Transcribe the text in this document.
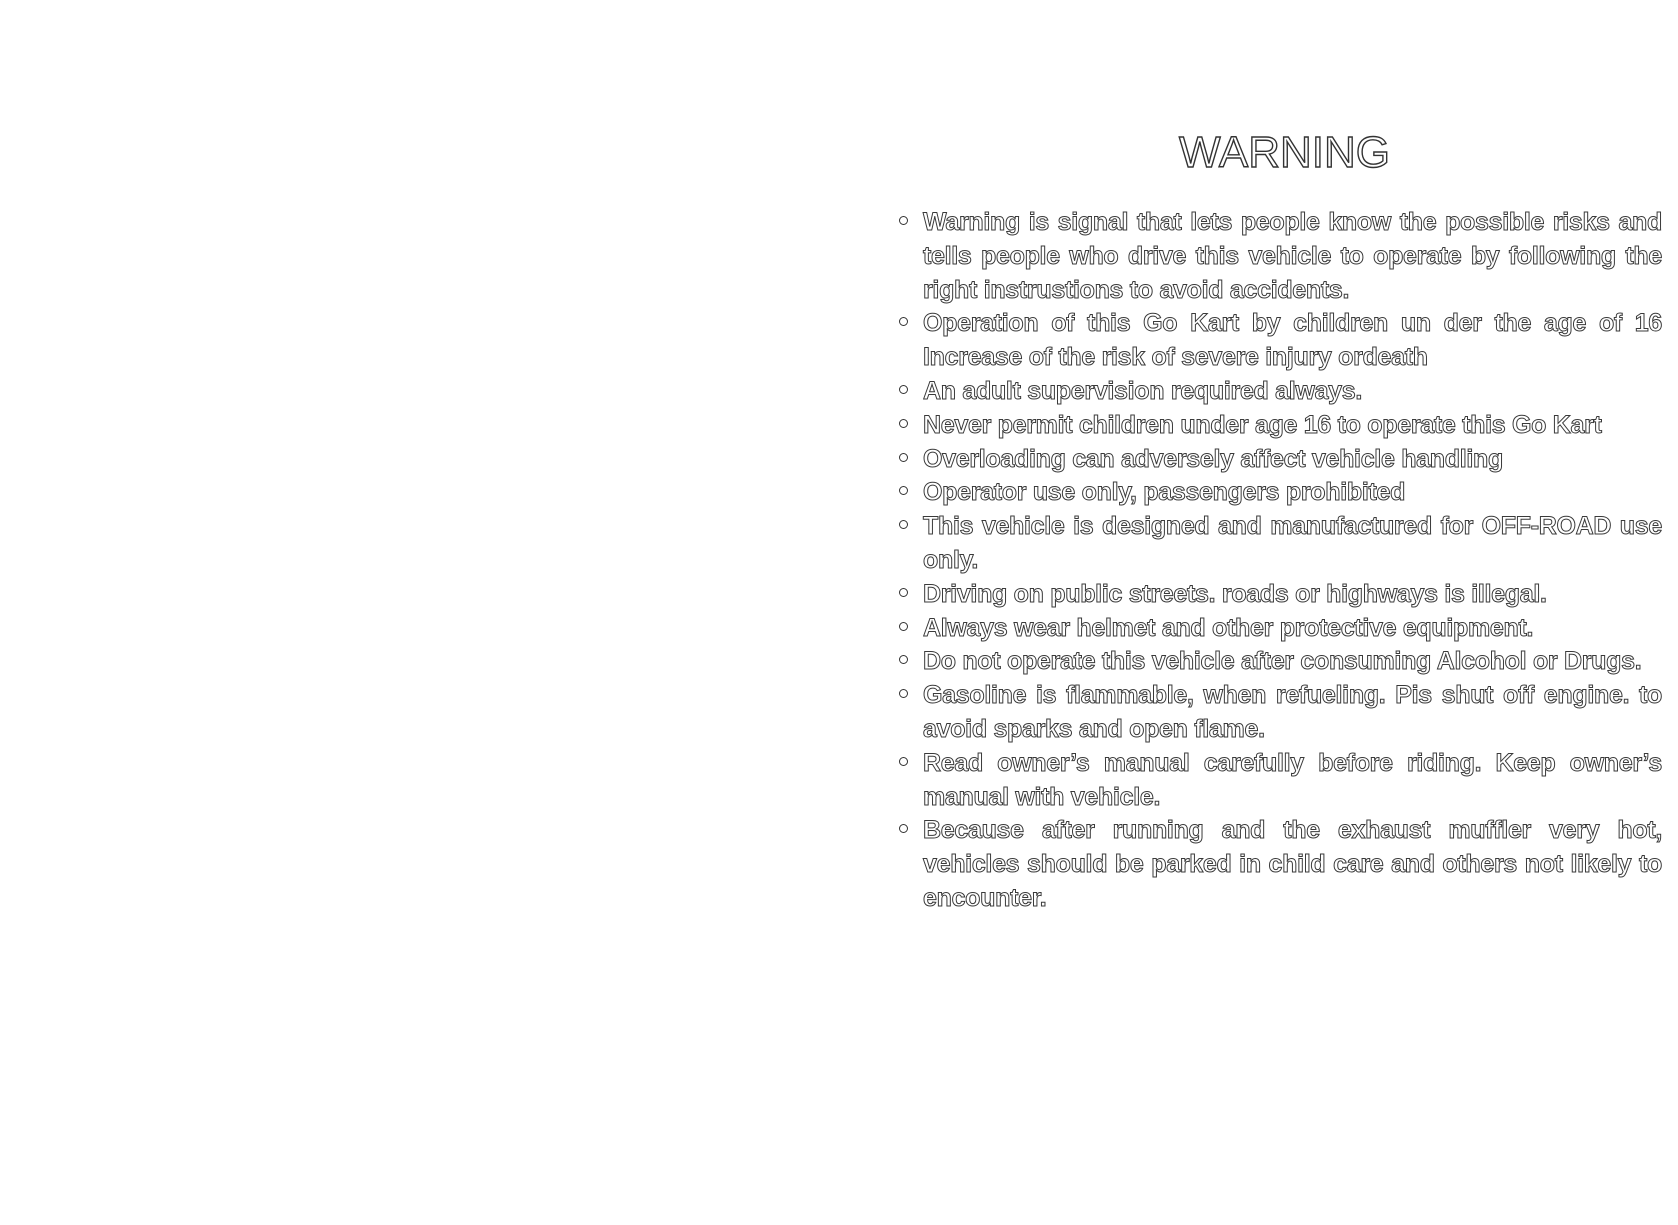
WARNING
Warning is signal that lets people know the possible risks and tells people who drive this vehicle to operate by following the right instrustions to avoid accidents.
Operation of this Go Kart by children un der the age of 16 Increase of the risk of severe injury ordeath
An adult supervision required always.
Never permit children under age 16 to operate this Go Kart
Overloading can adversely affect vehicle handling
Operator use only, passengers prohibited
This vehicle is designed and manufactured for OFF-ROAD use only.
Driving on public streets. roads or highways is illegal.
Always wear helmet and other protective equipment.
Do not operate this vehicle after consuming Alcohol or Drugs.
Gasoline is flammable, when refueling. Pis shut off engine. to avoid sparks and open flame.
Read owner’s manual carefully before riding. Keep owner’s manual with vehicle.
Because after running and the exhaust muffler very hot, vehicles should be parked in child care and others not likely to encounter.
